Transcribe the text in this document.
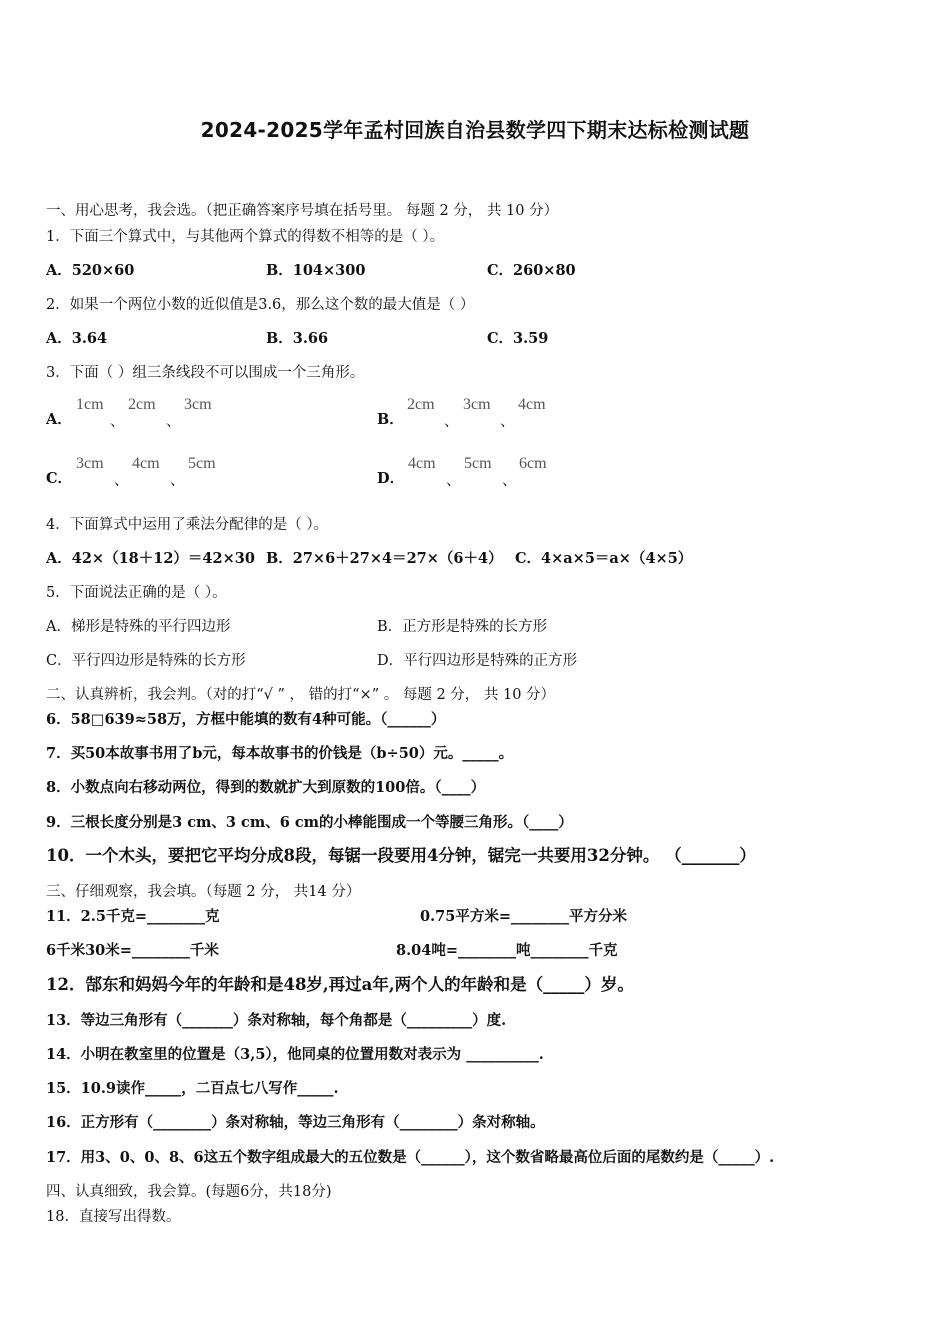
2024-2025学年孟村回族自治县数学四下期末达标检测试题
一、用心思考，我会选。（把正确答案序号填在括号里。 每题 2 分， 共 10 分）
1．下面三个算式中，与其他两个算式的得数不相等的是（ ）。
A．520×60	B．104×300	C．260×80
2．如果一个两位小数的近似值是3.6，那么这个数的最大值是（ ）
A．3.64	B．3.66	C．3.59
3．下面（ ）组三条线段不可以围成一个三角形。
A．
1cm
、
2cm
、
3cm
B．
2cm
、
3cm
、
4cm
C．
3cm
、
4cm
、
5cm
D．
4cm
、
5cm
、
6cm
4．下面算式中运用了乘法分配律的是（ ）。
A．42×（18＋12）＝42×30 B．27×6＋27×4＝27×（6＋4） C．4×a×5＝a×（4×5）
5．下面说法正确的是（ ）。
A．梯形是特殊的平行四边形	B．正方形是特殊的长方形
C．平行四边形是特殊的长方形	D．平行四边形是特殊的正方形
二、认真辨析，我会判。（对的打“√ ” ， 错的打“×” 。 每题 2 分， 共 10 分）
6．58□639≈58万，方框中能填的数有4种可能。（______）
7．买50本故事书用了b元，每本故事书的价钱是（b÷50）元。_____。
8．小数点向右移动两位，得到的数就扩大到原数的100倍。（____）
9．三根长度分别是3 cm、3 cm、6 cm的小棒能围成一个等腰三角形。（____）
10．一个木头，要把它平均分成8段，每锯一段要用4分钟，锯完一共要用32分钟。 （_______）
三、仔细观察，我会填。（每题 2 分， 共14 分）
11．2.5千克=________克	0.75平方米=________平方分米
6千米30米=________千米	8.04吨=________吨________千克
12．郜东和妈妈今年的年龄和是48岁,再过a年,两个人的年龄和是（_____）岁。
13．等边三角形有（_______）条对称轴，每个角都是（_________）度.
14．小明在教室里的位置是（3,5），他同桌的位置用数对表示为 __________.
15．10.9读作_____，二百点七八写作_____.
16．正方形有（________）条对称轴，等边三角形有（________）条对称轴。
17．用3、0、0、8、6这五个数字组成最大的五位数是（______），这个数省略最高位后面的尾数约是（_____）.
四、认真细致，我会算。(每题6分，共18分)
18．直接写出得数。
